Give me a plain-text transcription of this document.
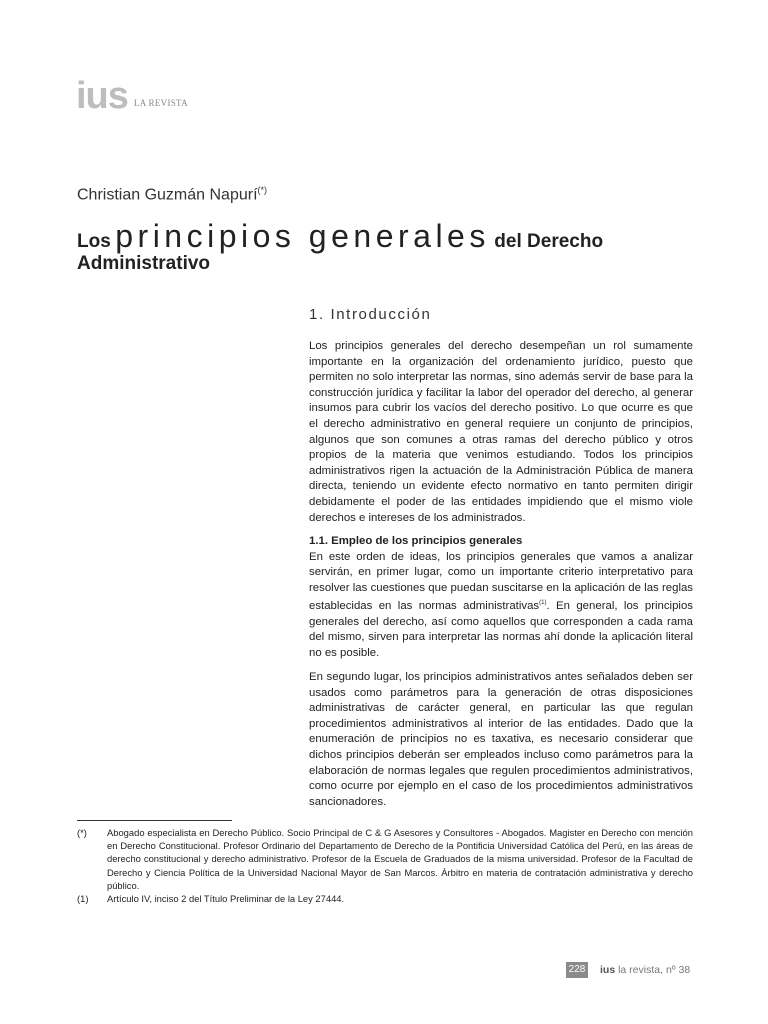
ius LA REVISTA
Christian Guzmán Napurí(*)
Los principios generales del Derecho
Administrativo
1. Introducción
Los principios generales del derecho desempeñan un rol sumamente importante en la organización del ordenamiento jurídico, puesto que permiten no solo interpretar las normas, sino además servir de base para la construcción jurídica y facilitar la labor del operador del derecho, al generar insumos para cubrir los vacíos del derecho positivo. Lo que ocurre es que el derecho administrativo en general requiere un conjunto de principios, algunos que son comunes a otras ramas del derecho público y otros propios de la materia que venimos estudiando. Todos los principios administrativos rigen la actuación de la Administración Pública de manera directa, teniendo un evidente efecto normativo en tanto permiten dirigir debidamente el poder de las entidades impidiendo que el mismo viole derechos e intereses de los administrados.
1.1. Empleo de los principios generales
En este orden de ideas, los principios generales que vamos a analizar servirán, en primer lugar, como un importante criterio interpretativo para resolver las cuestiones que puedan suscitarse en la aplicación de las reglas establecidas en las normas administrativas$^{(1)}$. En general, los principios generales del derecho, así como aquellos que corresponden a cada rama del mismo, sirven para interpretar las normas ahí donde la aplicación literal no es posible.
En segundo lugar, los principios administrativos antes señalados deben ser usados como parámetros para la generación de otras disposiciones administrativas de carácter general, en particular las que regulan procedimientos administrativos al interior de las entidades. Dado que la enumeración de principios no es taxativa, es necesario considerar que dichos principios deberán ser empleados incluso como parámetros para la elaboración de normas legales que regulen procedimientos administrativos, como ocurre por ejemplo en el caso de los procedimientos administrativos sancionadores.
(*)	Abogado especialista en Derecho Público. Socio Principal de C & G Asesores y Consultores - Abogados. Magister en Derecho con mención en Derecho Constitucional. Profesor Ordinario del Departamento de Derecho de la Pontificia Universidad Católica del Perú, en las áreas de derecho constitucional y derecho administrativo. Profesor de la Escuela de Graduados de la misma universidad. Profesor de la Facultad de Derecho y Ciencia Política de la Universidad Nacional Mayor de San Marcos. Árbitro en materia de contratación administrativa y derecho público.
(1)	Artículo IV, inciso 2 del Título Preliminar de la Ley 27444.
228 ius la revista, nº 38
